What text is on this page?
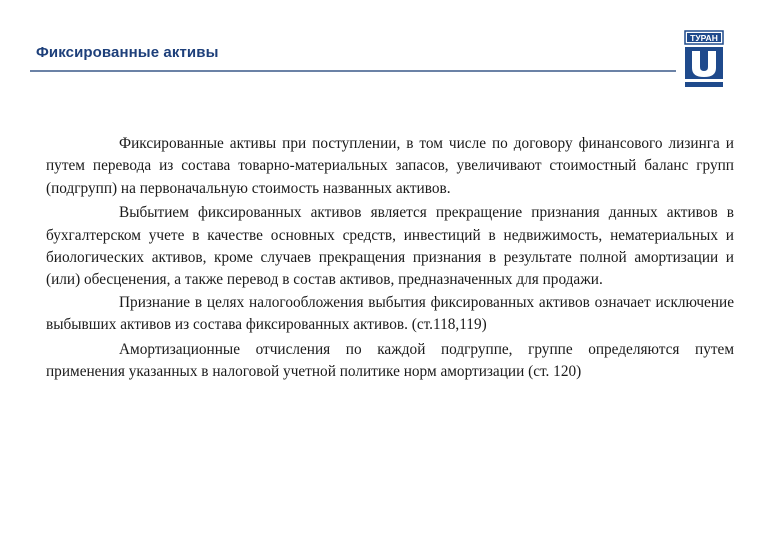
Фиксированные активы
ТУРАН

Фиксированные активы при поступлении, в том числе по договору финансового лизинга и путем перевода из состава товарно-материальных запасов, увеличивают стоимостный баланс групп (подгрупп) на первоначальную стоимость названных активов.

Выбытием фиксированных активов является прекращение признания данных активов в бухгалтерском учете в качестве основных средств, инвестиций в недвижимость, нематериальных и биологических активов, кроме случаев прекращения признания в результате полной амортизации и (или) обесценения, а также перевод в состав активов, предназначенных для продажи.

Признание в целях налогообложения выбытия фиксированных активов означает исключение выбывших активов из состава фиксированных активов. (ст.118,119)

Амортизационные отчисления по каждой подгруппе, группе определяются путем применения указанных в налоговой учетной политике норм амортизации (ст. 120)
